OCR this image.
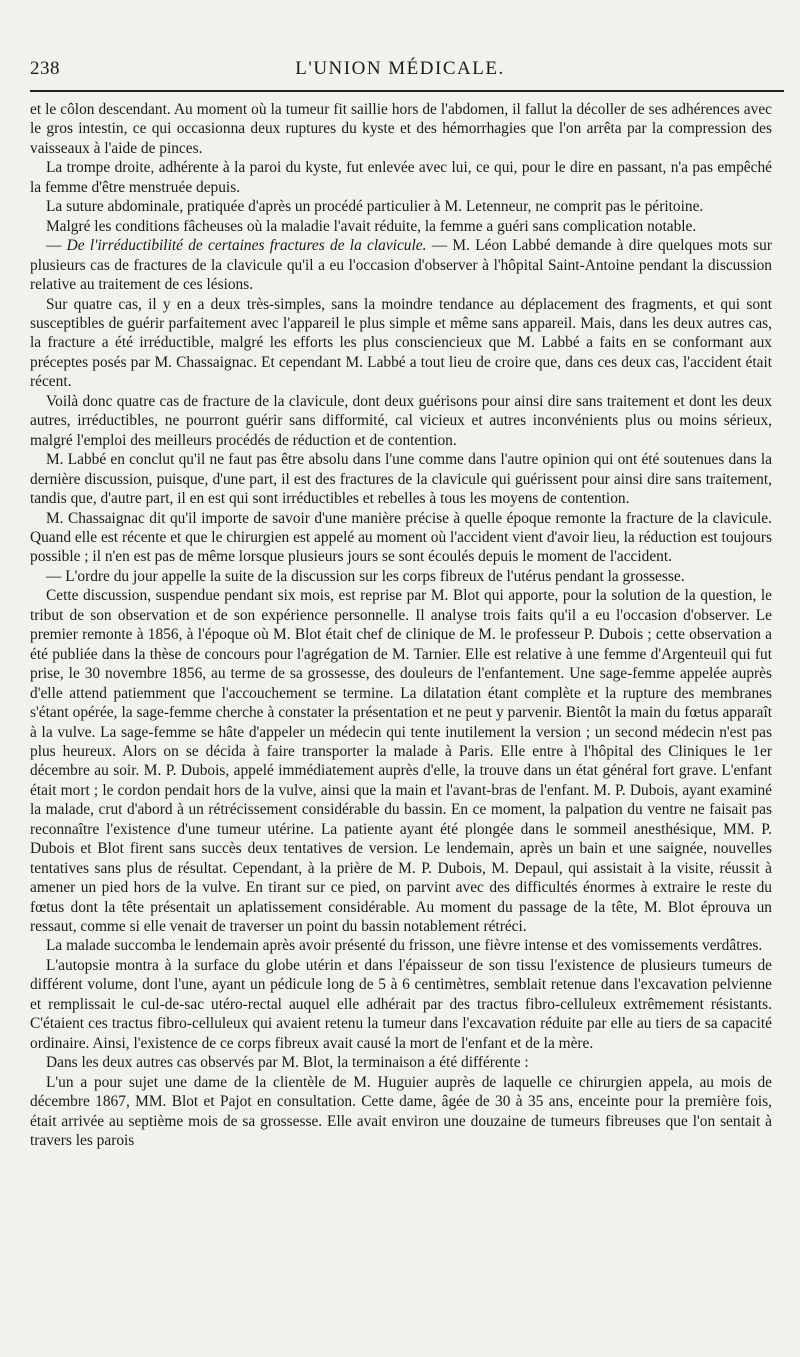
238	L'UNION MÉDICALE.

et le côlon descendant. Au moment où la tumeur fit saillie hors de l'abdomen, il fallut la décoller de ses adhérences avec le gros intestin, ce qui occasionna deux ruptures du kyste et des hémorrhagies que l'on arrêta par la compression des vaisseaux à l'aide de pinces.

La trompe droite, adhérente à la paroi du kyste, fut enlevée avec lui, ce qui, pour le dire en passant, n'a pas empêché la femme d'être menstruée depuis.

La suture abdominale, pratiquée d'après un procédé particulier à M. Letenneur, ne comprit pas le péritoine.

Malgré les conditions fâcheuses où la maladie l'avait réduite, la femme a guéri sans complication notable.

— De l'irréductibilité de certaines fractures de la clavicule. — M. Léon Labbé demande à dire quelques mots sur plusieurs cas de fractures de la clavicule qu'il a eu l'occasion d'observer à l'hôpital Saint-Antoine pendant la discussion relative au traitement de ces lésions.

Sur quatre cas, il y en a deux très-simples, sans la moindre tendance au déplacement des fragments, et qui sont susceptibles de guérir parfaitement avec l'appareil le plus simple et même sans appareil. Mais, dans les deux autres cas, la fracture a été irréductible, malgré les efforts les plus consciencieux que M. Labbé a faits en se conformant aux préceptes posés par M. Chassaignac. Et cependant M. Labbé a tout lieu de croire que, dans ces deux cas, l'accident était récent.

Voilà donc quatre cas de fracture de la clavicule, dont deux guérisons pour ainsi dire sans traitement et dont les deux autres, irréductibles, ne pourront guérir sans difformité, cal vicieux et autres inconvénients plus ou moins sérieux, malgré l'emploi des meilleurs procédés de réduction et de contention.

M. Labbé en conclut qu'il ne faut pas être absolu dans l'une comme dans l'autre opinion qui ont été soutenues dans la dernière discussion, puisque, d'une part, il est des fractures de la clavicule qui guérissent pour ainsi dire sans traitement, tandis que, d'autre part, il en est qui sont irréductibles et rebelles à tous les moyens de contention.

M. Chassaignac dit qu'il importe de savoir d'une manière précise à quelle époque remonte la fracture de la clavicule. Quand elle est récente et que le chirurgien est appelé au moment où l'accident vient d'avoir lieu, la réduction est toujours possible ; il n'en est pas de même lorsque plusieurs jours se sont écoulés depuis le moment de l'accident.

— L'ordre du jour appelle la suite de la discussion sur les corps fibreux de l'utérus pendant la grossesse.

Cette discussion, suspendue pendant six mois, est reprise par M. Blot qui apporte, pour la solution de la question, le tribut de son observation et de son expérience personnelle. Il analyse trois faits qu'il a eu l'occasion d'observer. Le premier remonte à 1856, à l'époque où M. Blot était chef de clinique de M. le professeur P. Dubois ; cette observation a été publiée dans la thèse de concours pour l'agrégation de M. Tarnier. Elle est relative à une femme d'Argenteuil qui fut prise, le 30 novembre 1856, au terme de sa grossesse, des douleurs de l'enfantement. Une sage-femme appelée auprès d'elle attend patiemment que l'accouchement se termine. La dilatation étant complète et la rupture des membranes s'étant opérée, la sage-femme cherche à constater la présentation et ne peut y parvenir. Bientôt la main du fœtus apparaît à la vulve. La sage-femme se hâte d'appeler un médecin qui tente inutilement la version ; un second médecin n'est pas plus heureux. Alors on se décida à faire transporter la malade à Paris. Elle entre à l'hôpital des Cliniques le 1er décembre au soir. M. P. Dubois, appelé immédiatement auprès d'elle, la trouve dans un état général fort grave. L'enfant était mort ; le cordon pendait hors de la vulve, ainsi que la main et l'avant-bras de l'enfant. M. P. Dubois, ayant examiné la malade, crut d'abord à un rétrécissement considérable du bassin. En ce moment, la palpation du ventre ne faisait pas reconnaître l'existence d'une tumeur utérine. La patiente ayant été plongée dans le sommeil anesthésique, MM. P. Dubois et Blot firent sans succès deux tentatives de version. Le lendemain, après un bain et une saignée, nouvelles tentatives sans plus de résultat. Cependant, à la prière de M. P. Dubois, M. Depaul, qui assistait à la visite, réussit à amener un pied hors de la vulve. En tirant sur ce pied, on parvint avec des difficultés énormes à extraire le reste du fœtus dont la tête présentait un aplatissement considérable. Au moment du passage de la tête, M. Blot éprouva un ressaut, comme si elle venait de traverser un point du bassin notablement rétréci.

La malade succomba le lendemain après avoir présenté du frisson, une fièvre intense et des vomissements verdâtres.

L'autopsie montra à la surface du globe utérin et dans l'épaisseur de son tissu l'existence de plusieurs tumeurs de différent volume, dont l'une, ayant un pédicule long de 5 à 6 centimètres, semblait retenue dans l'excavation pelvienne et remplissait le cul-de-sac utéro-rectal auquel elle adhérait par des tractus fibro-celluleux extrêmement résistants. C'étaient ces tractus fibro-celluleux qui avaient retenu la tumeur dans l'excavation réduite par elle au tiers de sa capacité ordinaire. Ainsi, l'existence de ce corps fibreux avait causé la mort de l'enfant et de la mère.

Dans les deux autres cas observés par M. Blot, la terminaison a été différente :

L'un a pour sujet une dame de la clientèle de M. Huguier auprès de laquelle ce chirurgien appela, au mois de décembre 1867, MM. Blot et Pajot en consultation. Cette dame, âgée de 30 à 35 ans, enceinte pour la première fois, était arrivée au septième mois de sa grossesse. Elle avait environ une douzaine de tumeurs fibreuses que l'on sentait à travers les parois
